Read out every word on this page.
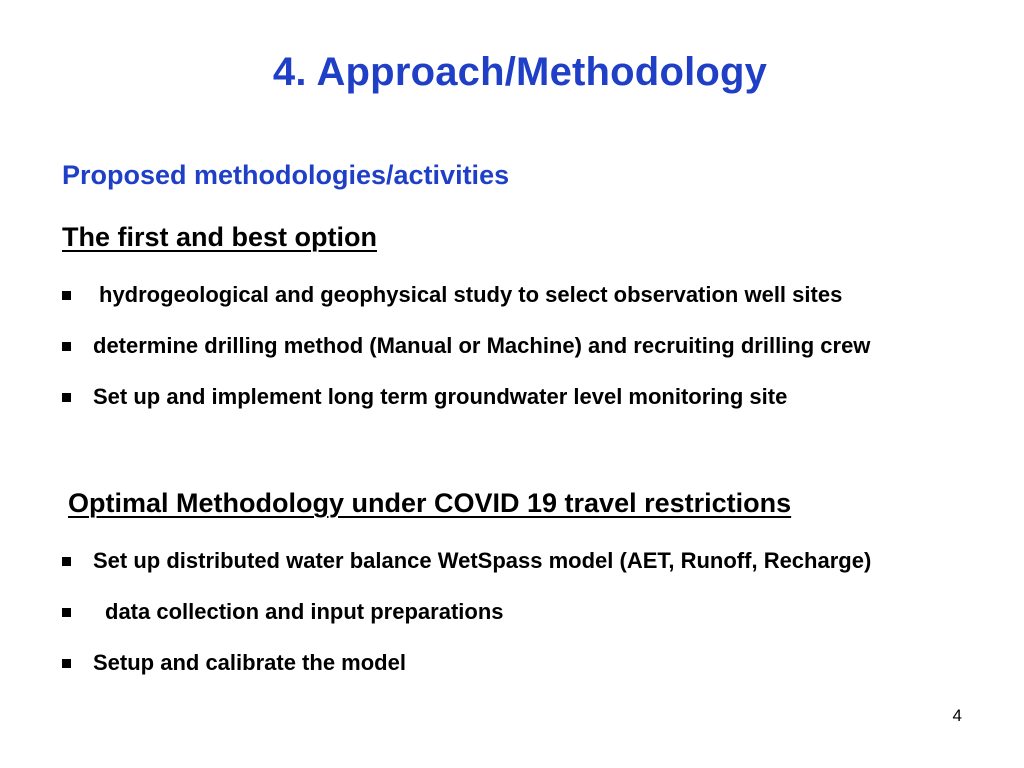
4. Approach/Methodology
Proposed methodologies/activities
The first and best option
hydrogeological and geophysical study to select observation well sites
determine drilling method (Manual or Machine) and recruiting drilling crew
Set up and implement long term groundwater level monitoring site
Optimal Methodology under COVID 19 travel restrictions
Set up distributed water balance WetSpass model (AET, Runoff, Recharge)
data collection and input preparations
Setup and calibrate the model
4
